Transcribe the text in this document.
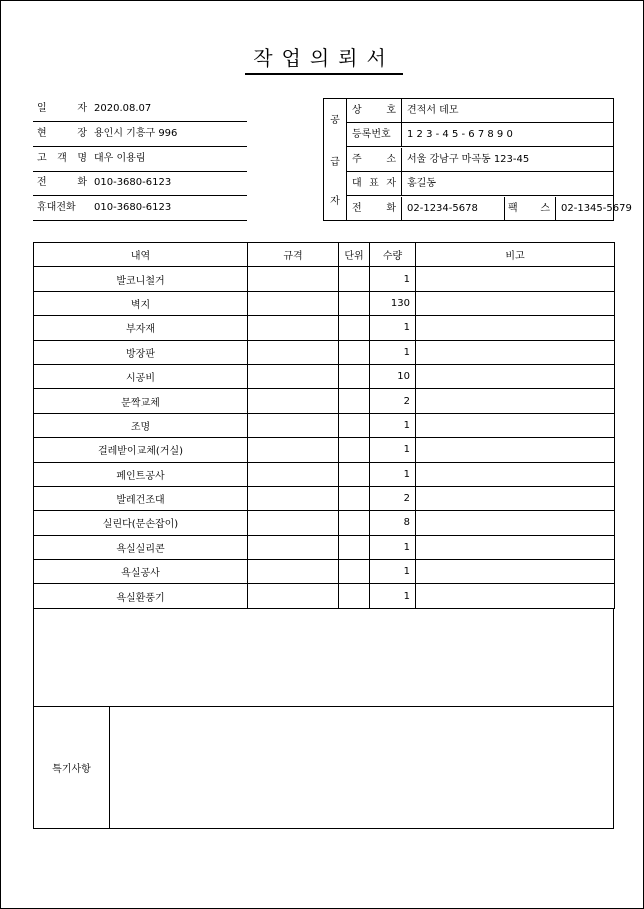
작업의뢰서
일	자 2020.08.07
현	장 용인시 기흥구 996
고 객 명 대우 이용림
전	화 010-3680-6123
휴대전화 010-3680-6123
공
급
자
상 호 견적서 데모
등록번호 1 2 3 - 4 5 - 6 7 8 9 0
주 소 서울 강남구 마곡동 123-45
대 표 자 홍길동
전 화 02-1234-5678	팩 스 02-1345-5679
내역	규격	단위	수량	비고
발코니철거			1	
벽지			130	
부자재			1	
방장판			1	
시공비			10	
문짝교체			2	
조명			1	
걸레받이교체(거실)			1	
페인트공사			1	
발레건조대			2	
실린다(문손잡이)			8	
욕실실리콘			1	
욕실공사			1	
욕실환풍기			1	
특기사항
